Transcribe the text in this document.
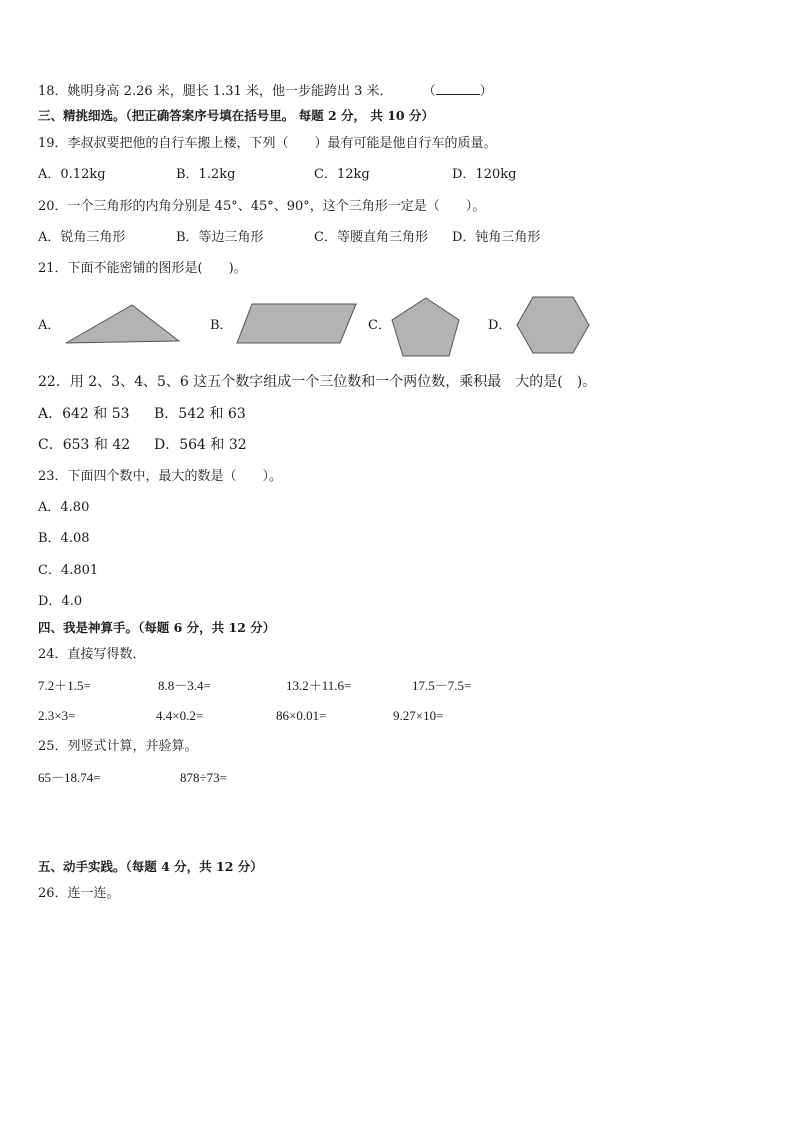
18．姚明身高 2.26 米，腿长 1.31 米，他一步能跨出 3 米． （	）
三、精挑细选。（把正确答案序号填在括号里。 每题 2 分， 共 10 分）
19．李叔叔要把他的自行车搬上楼，下列（　　）最有可能是他自行车的质量。
A．0.12kg	B．1.2kg	C．12kg	D．120kg
20．一个三角形的内角分别是 45°、45°、90°，这个三角形一定是（　　）。
A．锐角三角形	B．等边三角形	C．等腰直角三角形 D．钝角三角形
21．下面不能密铺的图形是(　　)。
A．	B．	C．	D．
22．用 2、3、4、5、6 这五个数字组成一个三位数和一个两位数，乘积最　大的是(　)。
A．642 和 53 B．542 和 63
C．653 和 42 D．564 和 32
23．下面四个数中，最大的数是（　　）。
A．4.80
B．4.08
C．4.801
D．4.0
四、我是神算手。（每题 6 分，共 12 分）
24．直接写得数．
7.2＋1.5=	8.8－3.4=	13.2＋11.6=	17.5－7.5=
2.3×3=	4.4×0.2=	86×0.01=	9.27×10=
25．列竖式计算，并验算。
65－18.74=	878÷73=
五、动手实践。（每题 4 分，共 12 分）
26．连一连。
